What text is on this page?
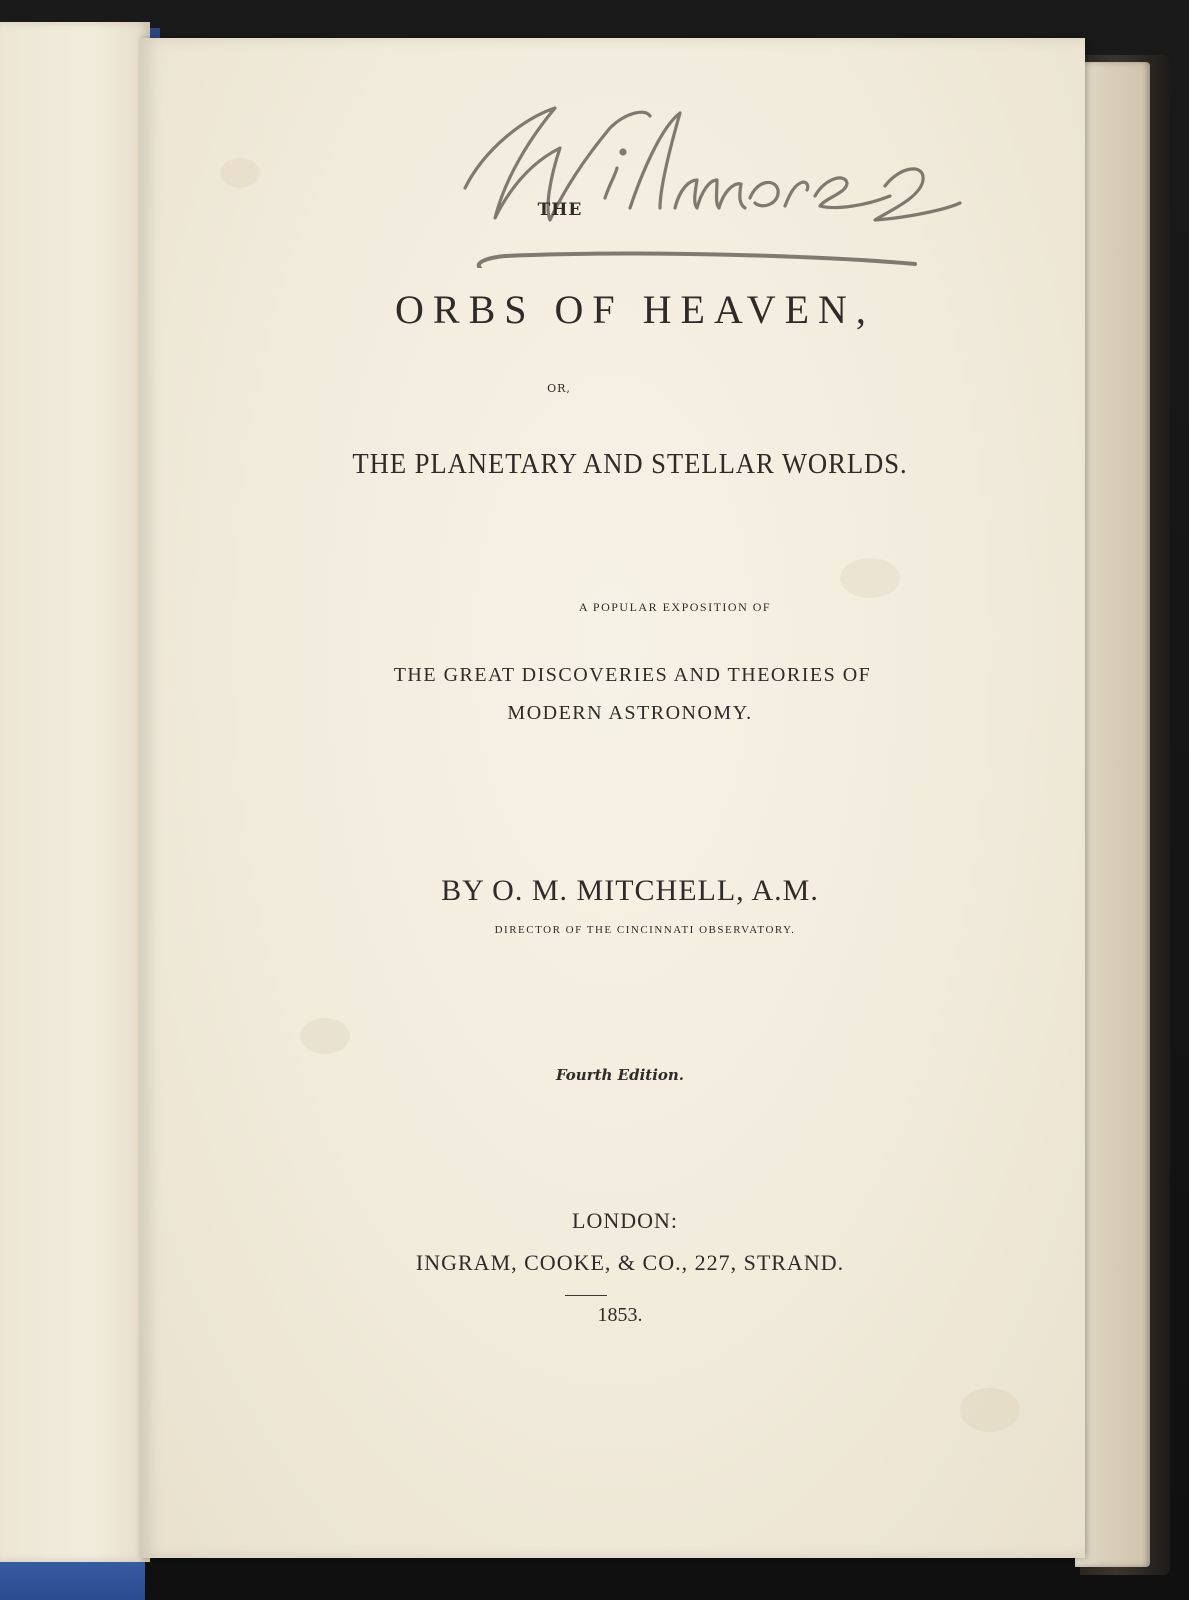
THE
ORBS OF HEAVEN,
OR,
THE PLANETARY AND STELLAR WORLDS.
A POPULAR EXPOSITION OF
THE GREAT DISCOVERIES AND THEORIES OF
MODERN ASTRONOMY.
BY O. M. MITCHELL, A.M.
DIRECTOR OF THE CINCINNATI OBSERVATORY.
Fourth Edition.
LONDON:
INGRAM, COOKE, & CO., 227, STRAND.
1853.
